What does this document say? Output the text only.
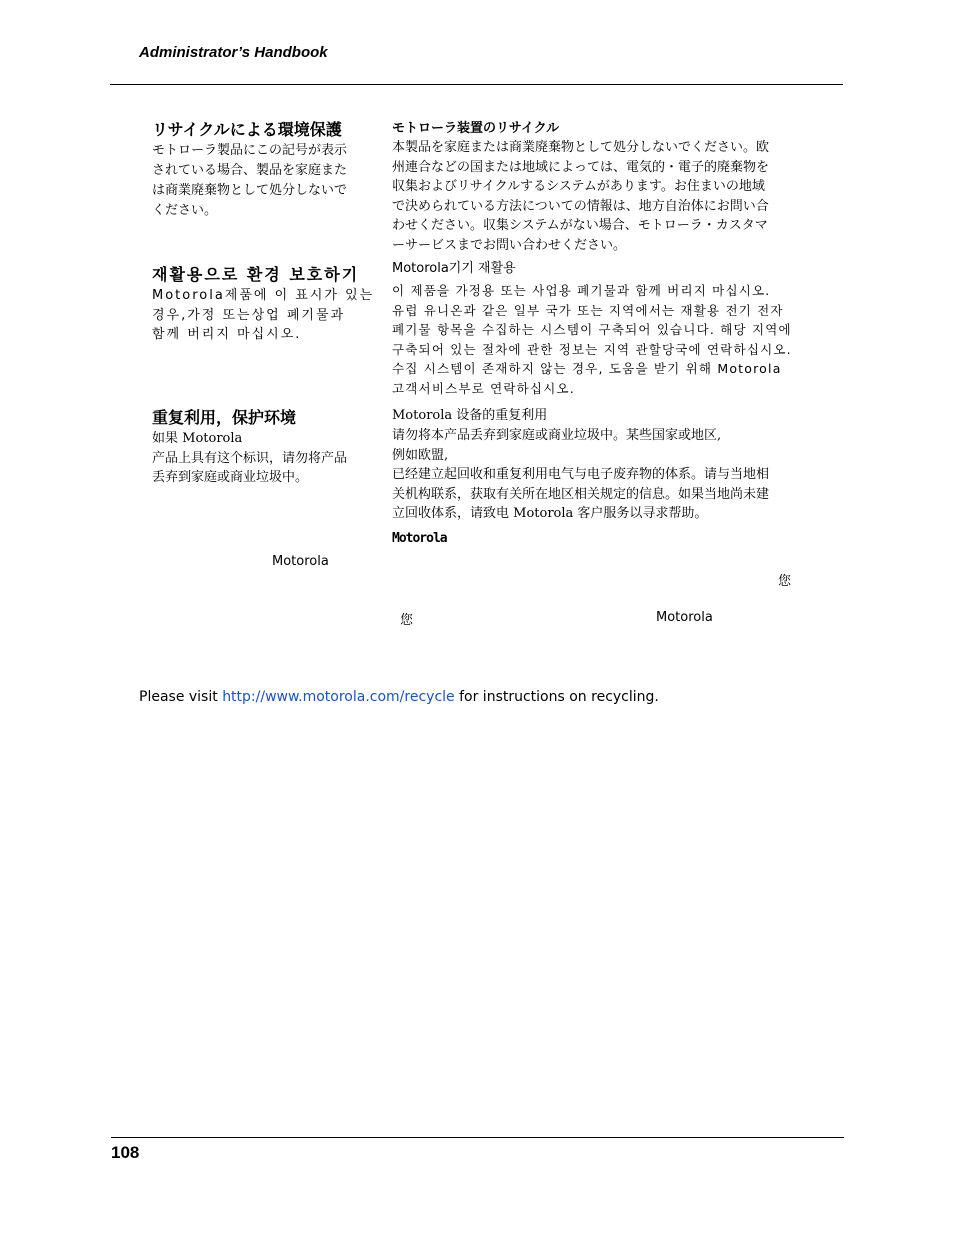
Administrator’s Handbook
リサイクルによる環境保護
モトローラ製品にこの記号が表示
されている場合、製品を家庭また
は商業廃棄物として処分しないで
ください。
モトローラ装置のリサイクル
本製品を家庭または商業廃棄物として処分しないでください。欧
州連合などの国または地域によっては、電気的・電子的廃棄物を
収集およびリサイクルするシステムがあります。お住まいの地域
で決められている方法についての情報は、地方自治体にお問い合
わせください。収集システムがない場合、モトローラ・カスタマ
ーサービスまでお問い合わせください。
재활용으로 환경 보호하기
Motorola제품에 이 표시가 있는
경우,가정 또는상업 폐기물과
함께 버리지 마십시오.
Motorola기기 재활용
이 제품을 가정용 또는 사업용 폐기물과 함께 버리지 마십시오.
유럽 유니온과 같은 일부 국가 또는 지역에서는 재활용 전기 전자
폐기물 항목을 수집하는 시스템이 구축되어 있습니다. 해당 지역에
구축되어 있는 절차에 관한 정보는 지역 관할당국에 연락하십시오.
수집 시스템이 존재하지 않는 경우, 도움을 받기 위해 Motorola
고객서비스부로 연락하십시오.
重复利用，保护环境
如果 Motorola
产品上具有这个标识，请勿将产品
丢弃到家庭或商业垃圾中。
Motorola 设备的重复利用
请勿将本产品丢弃到家庭或商业垃圾中。某些国家或地区,
例如欧盟,
已经建立起回收和重复利用电气与电子废弃物的体系。请与当地相
关机构联系，获取有关所在地区相关规定的信息。如果当地尚未建
立回收体系，请致电 Motorola 客户服务以寻求帮助。
Motorola
Motorola
您
您	Motorola
Please visit http://www.motorola.com/recycle for instructions on recycling.
108
